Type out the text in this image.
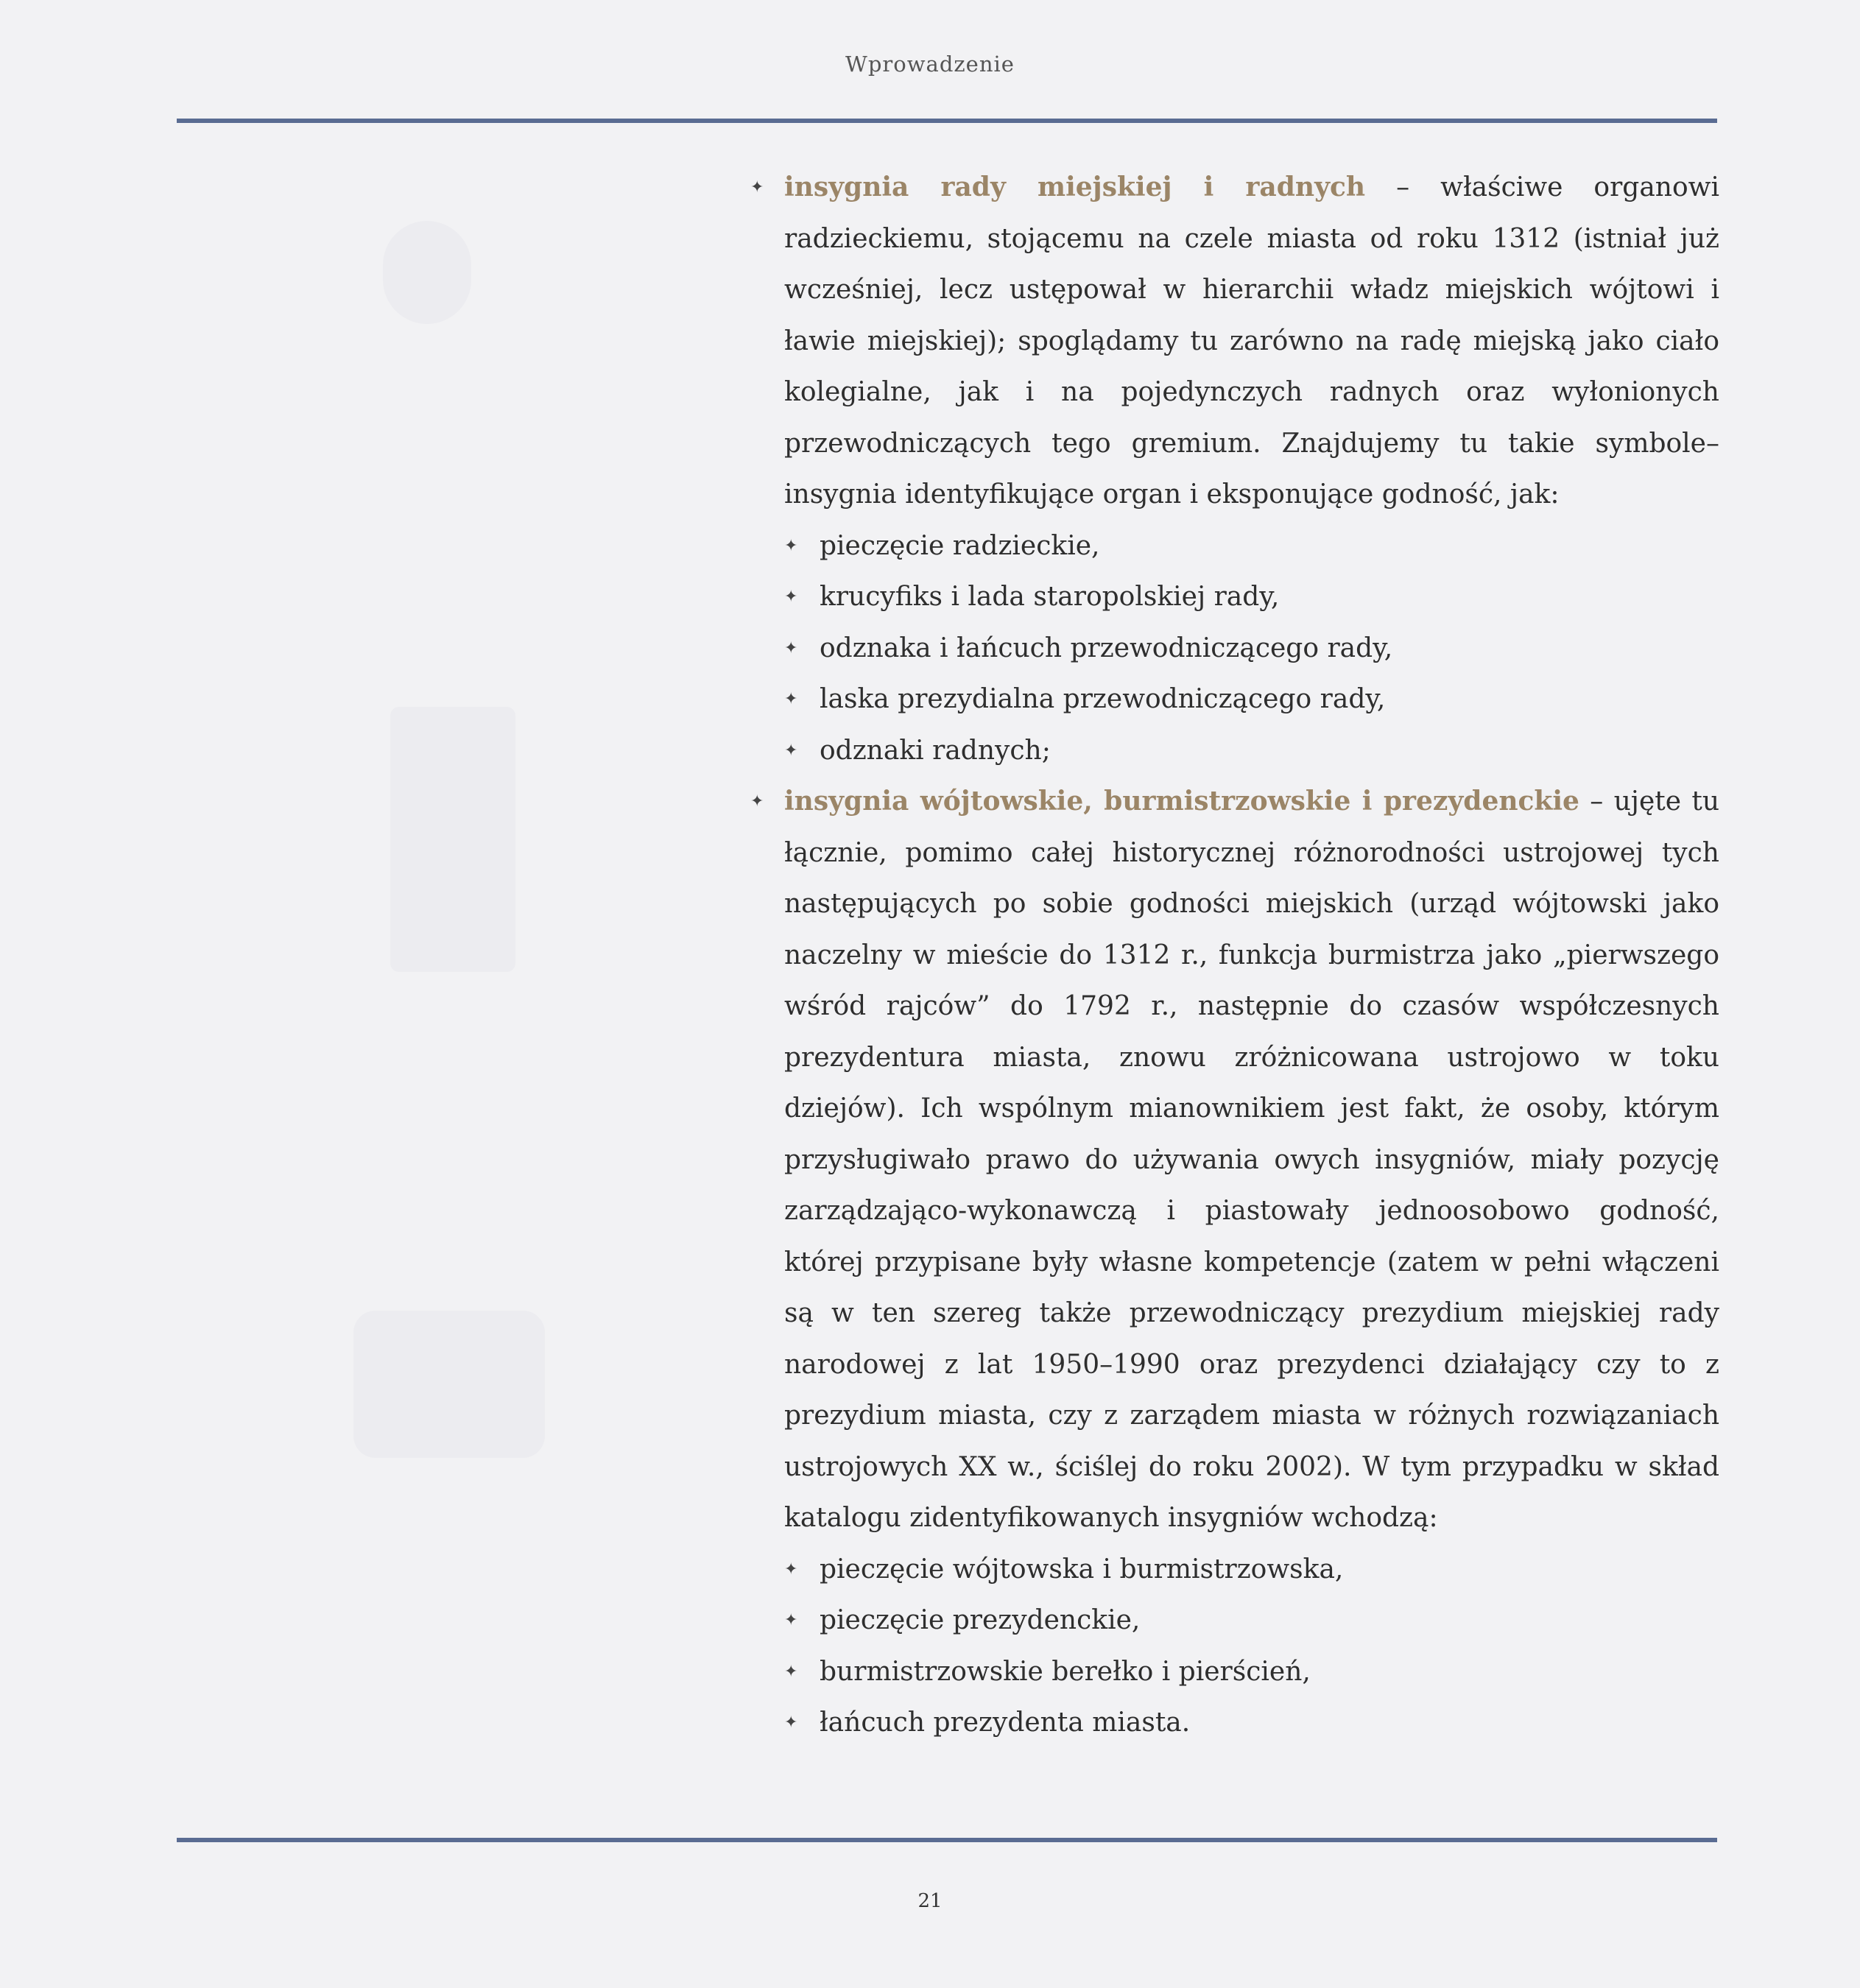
Wprowadzenie
✦ insygnia rady miejskiej i radnych – właściwe organowi radzieckiemu, stojącemu na czele miasta od roku 1312 (istniał już wcześniej, lecz ustępował w hierarchii władz miejskich wójtowi i ławie miejskiej); spoglądamy tu zarówno na radę miejską jako ciało kolegialne, jak i na pojedynczych radnych oraz wyłonionych przewodniczących tego gremium. Znajdujemy tu takie symbole–insygnia identyfikujące organ i eksponujące godność, jak:
✦ pieczęcie radzieckie,
✦ krucyfiks i lada staropolskiej rady,
✦ odznaka i łańcuch przewodniczącego rady,
✦ laska prezydialna przewodniczącego rady,
✦ odznaki radnych;
✦ insygnia wójtowskie, burmistrzowskie i prezydenckie – ujęte tu łącznie, pomimo całej historycznej różnorodności ustrojowej tych następujących po sobie godności miejskich (urząd wójtowski jako naczelny w mieście do 1312 r., funkcja burmistrza jako „pierwszego wśród rajców” do 1792 r., następnie do czasów współczesnych prezydentura miasta, znowu zróżnicowana ustrojowo w toku dziejów). Ich wspólnym mianownikiem jest fakt, że osoby, którym przysługiwało prawo do używania owych insygniów, miały pozycję zarządzająco-wykonawczą i piastowały jednoosobowo godność, której przypisane były własne kompetencje (zatem w pełni włączeni są w ten szereg także przewodniczący prezydium miejskiej rady narodowej z lat 1950–1990 oraz prezydenci działający czy to z prezydium miasta, czy z zarządem miasta w różnych rozwiązaniach ustrojowych XX w., ściślej do roku 2002). W tym przypadku w skład katalogu zidentyfikowanych insygniów wchodzą:
✦ pieczęcie wójtowska i burmistrzowska,
✦ pieczęcie prezydenckie,
✦ burmistrzowskie berełko i pierścień,
✦ łańcuch prezydenta miasta.
21
